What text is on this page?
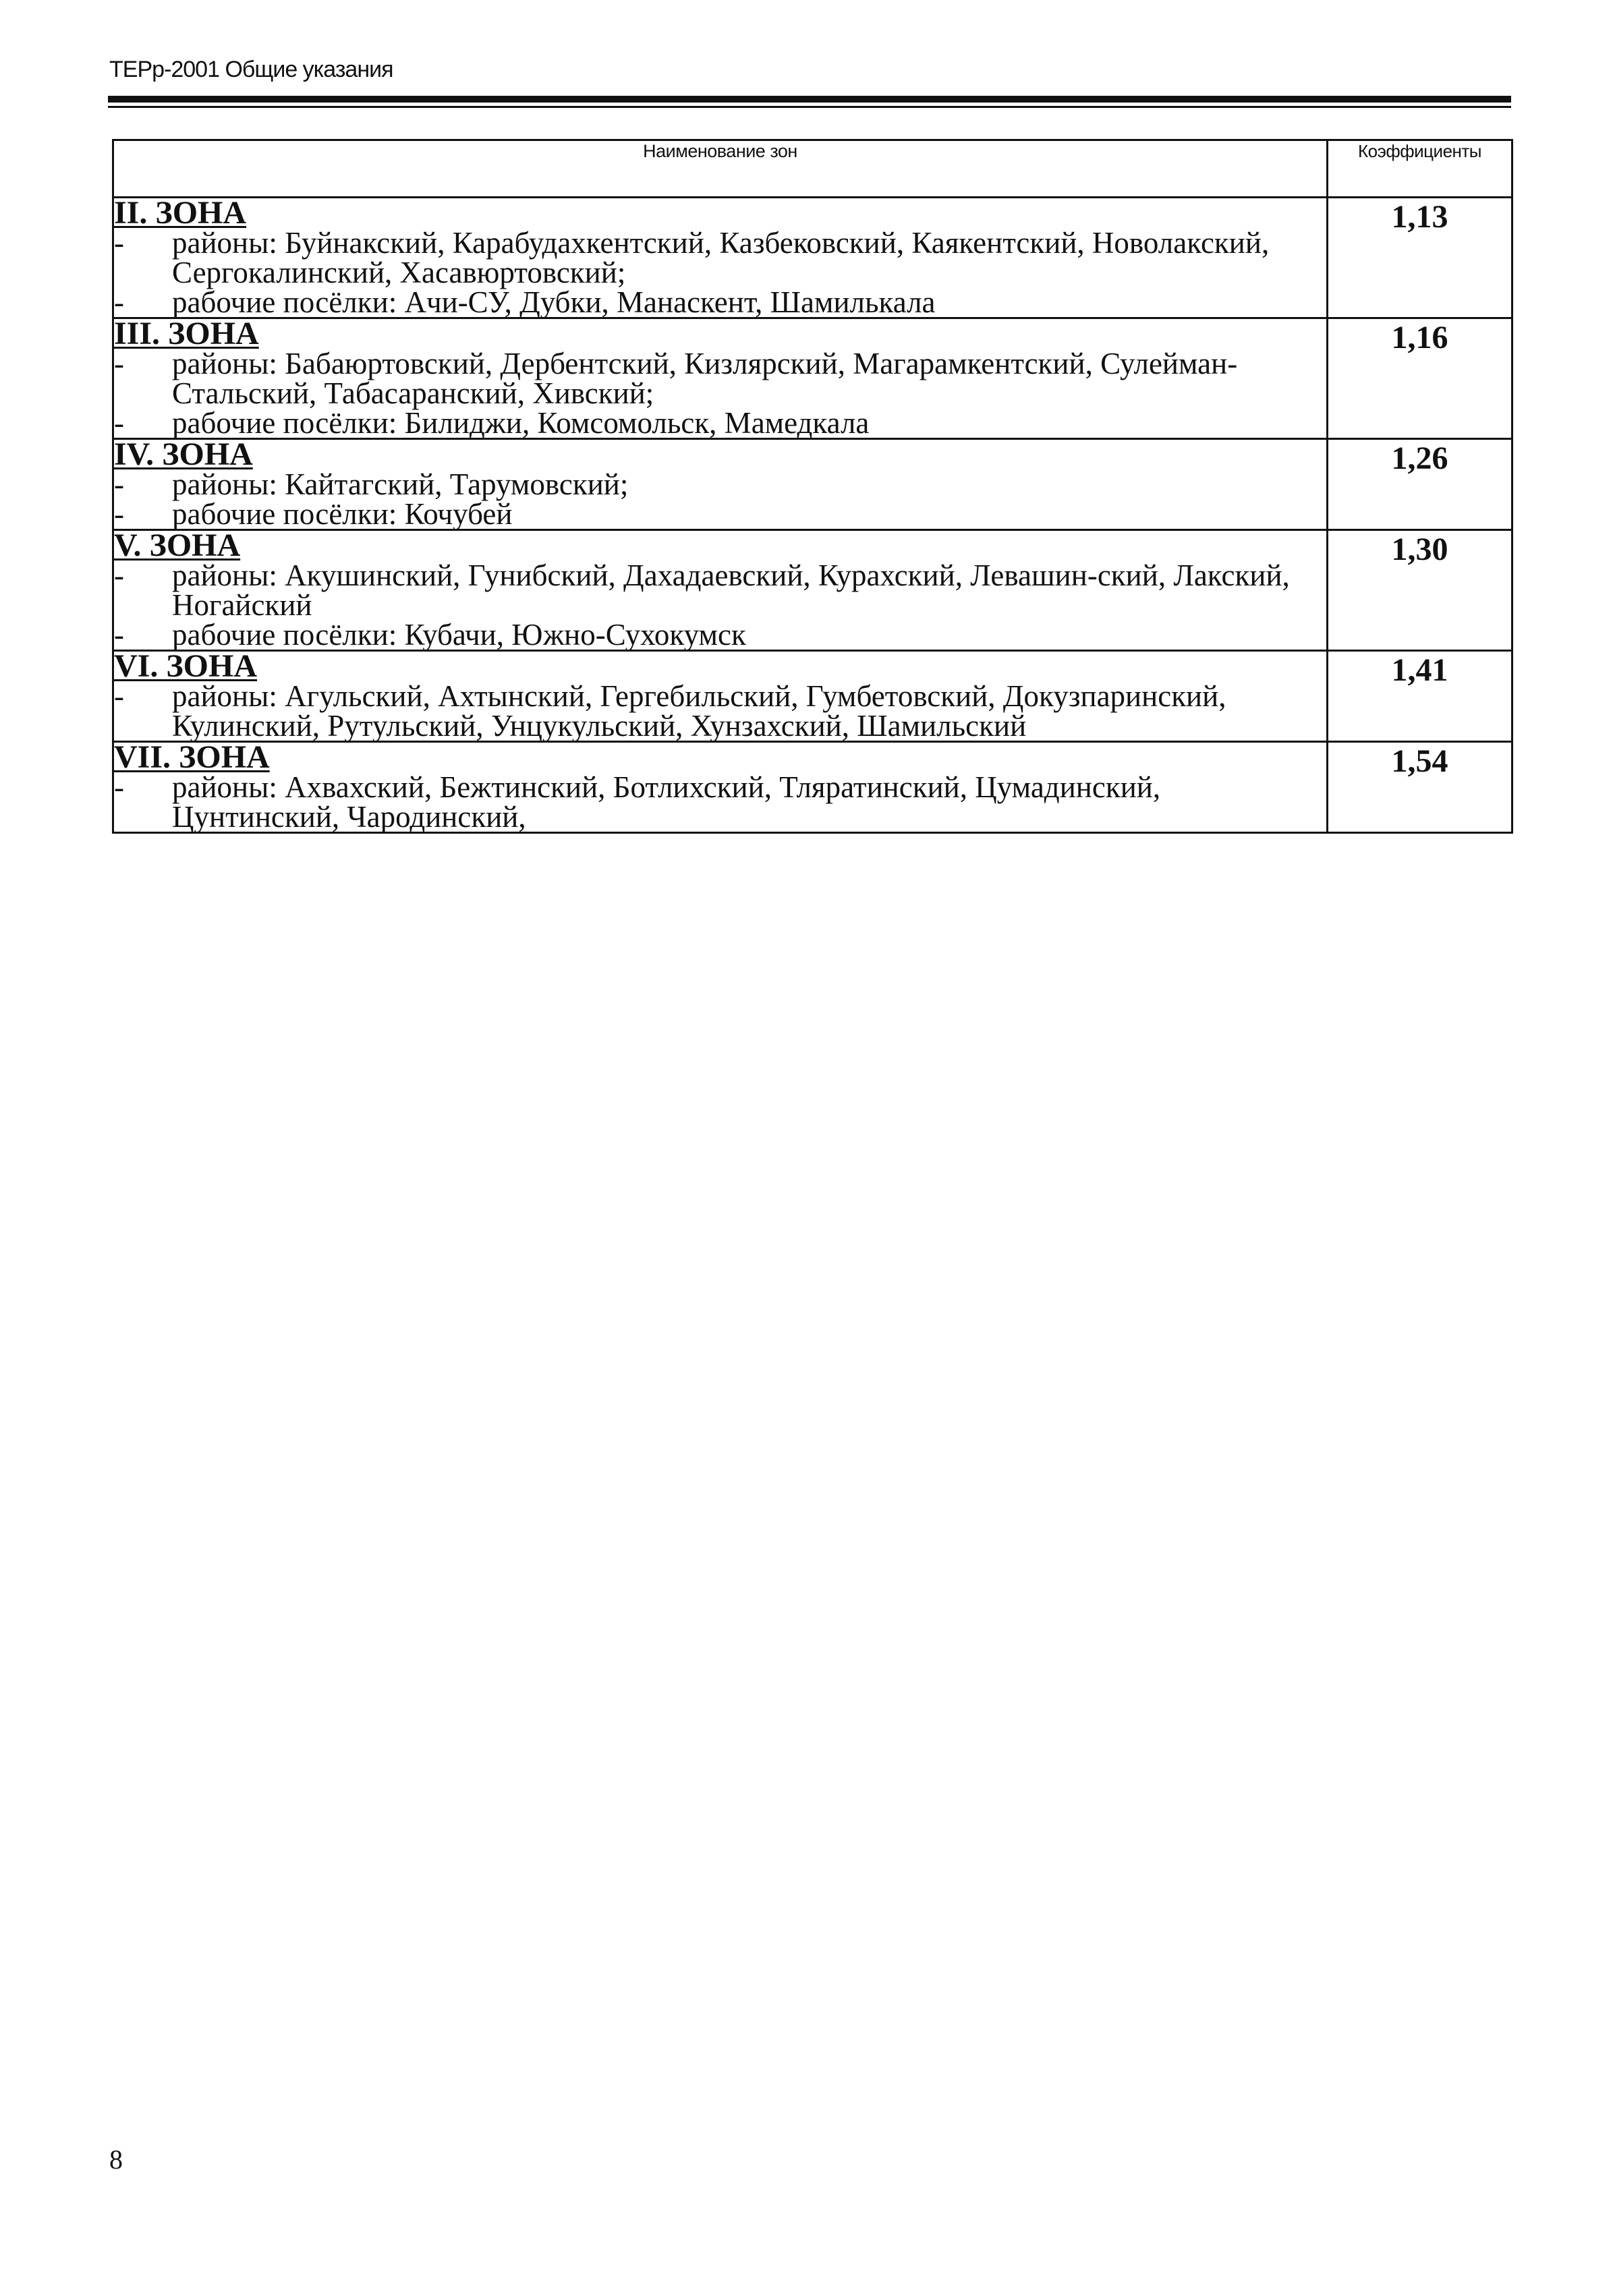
ТЕРр-2001 Общие указания
Наименование зон	Коэффициенты

II. ЗОНА
- районы: Буйнакский, Карабудахкентский, Казбековский, Каякентский, Новолакский, Сергокалинский, Хасавюртовский;
- рабочие посёлки: Ачи-СУ, Дубки, Манаскент, Шамилькала	1,13

III. ЗОНА
- районы: Бабаюртовский, Дербентский, Кизлярский, Магарамкентский, Сулейман-Стальский, Табасаранский, Хивский;
- рабочие посёлки: Билиджи, Комсомольск, Мамедкала	1,16

IV. ЗОНА
- районы: Кайтагский, Тарумовский;
- рабочие посёлки: Кочубей	1,26

V. ЗОНА
- районы: Акушинский, Гунибский, Дахадаевский, Курахский, Левашин-ский, Лакский, Ногайский
- рабочие посёлки: Кубачи, Южно-Сухокумск	1,30

VI. ЗОНА
- районы: Агульский, Ахтынский, Гергебильский, Гумбетовский, Докузпаринский, Кулинский, Рутульский, Унцукульский, Хунзахский, Шамильский	1,41

VII. ЗОНА
- районы: Ахвахский, Бежтинский, Ботлихский, Тляратинский, Цумадинский, Цунтинский, Чародинский,	1,54
8
